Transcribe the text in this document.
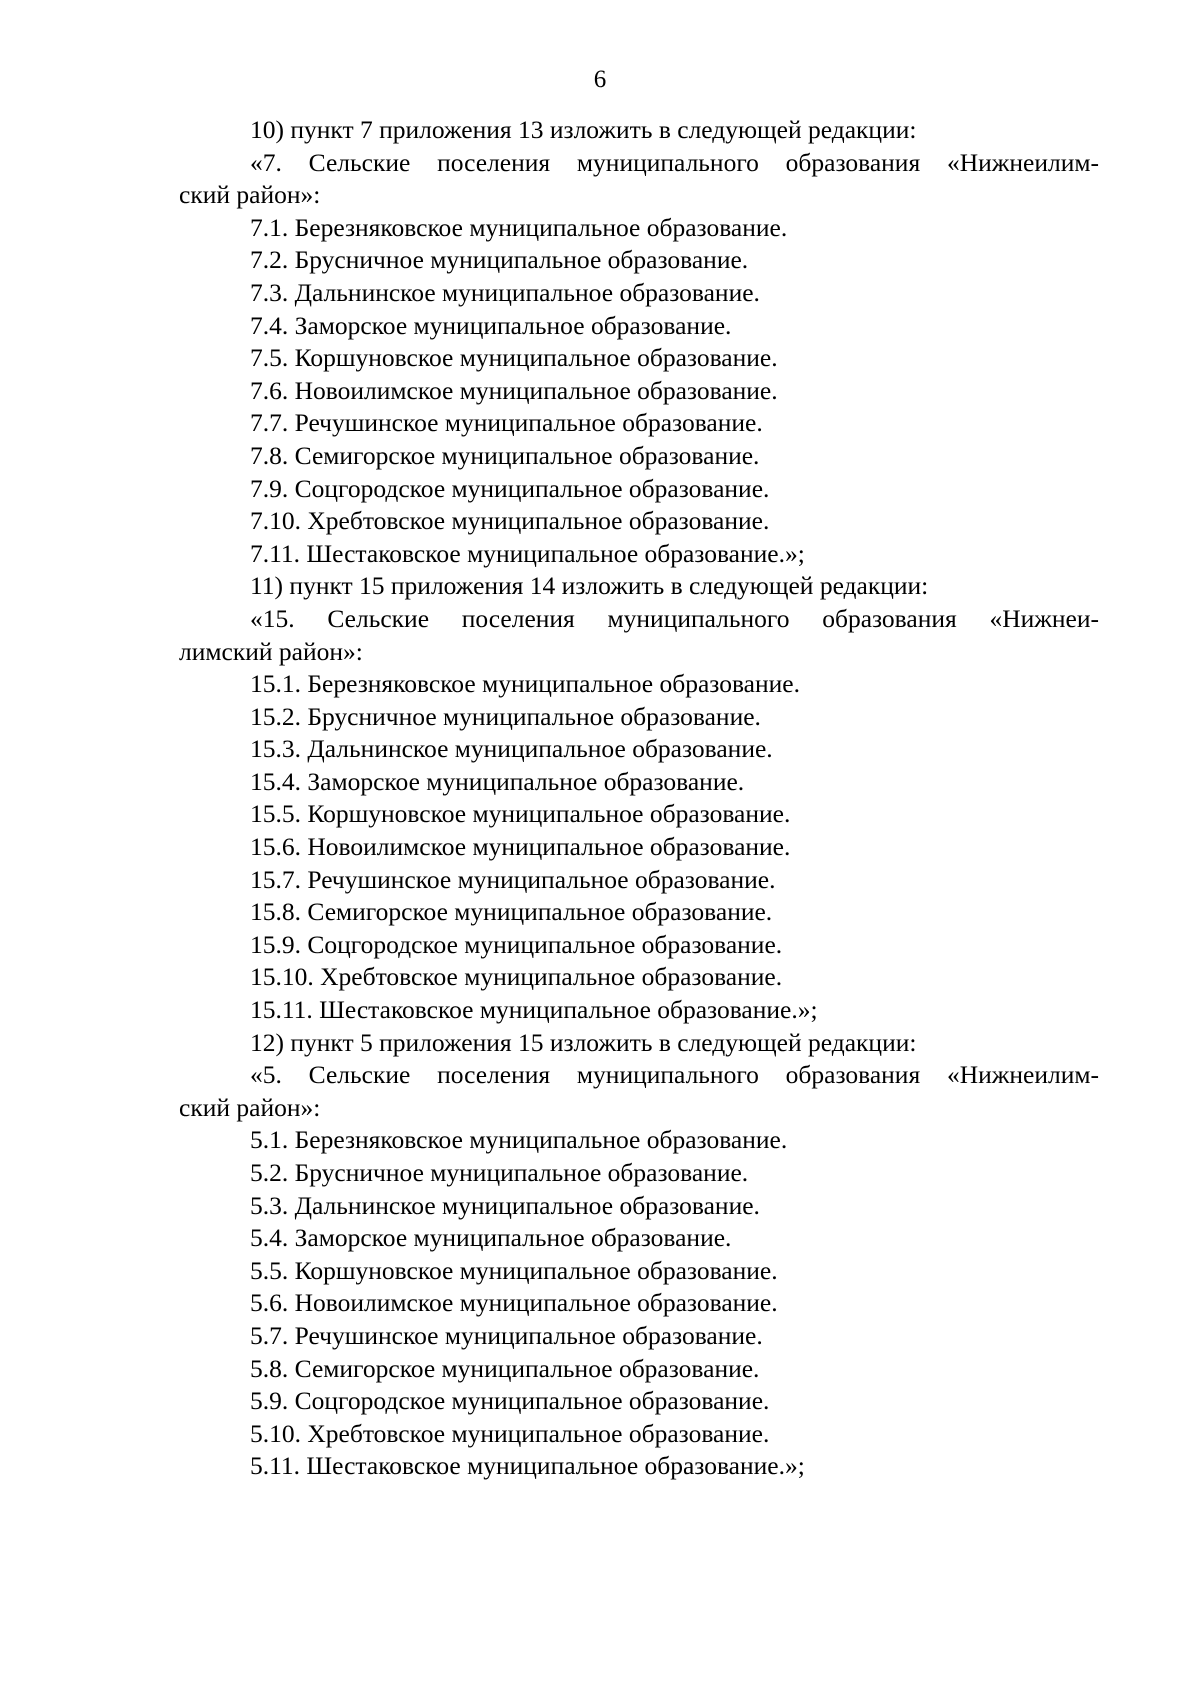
6
10) пункт 7 приложения 13 изложить в следующей редакции:
«7. Сельские поселения муниципального образования «Нижнеилим-
ский район»:
7.1. Березняковское муниципальное образование.
7.2. Брусничное муниципальное образование.
7.3. Дальнинское муниципальное образование.
7.4. Заморское муниципальное образование.
7.5. Коршуновское муниципальное образование.
7.6. Новоилимское муниципальное образование.
7.7. Речушинское муниципальное образование.
7.8. Семигорское муниципальное образование.
7.9. Соцгородское муниципальное образование.
7.10. Хребтовское муниципальное образование.
7.11. Шестаковское муниципальное образование.»;
11) пункт 15 приложения 14 изложить в следующей редакции:
«15. Сельские поселения муниципального образования «Нижнеи-
лимский район»:
15.1. Березняковское муниципальное образование.
15.2. Брусничное муниципальное образование.
15.3. Дальнинское муниципальное образование.
15.4. Заморское муниципальное образование.
15.5. Коршуновское муниципальное образование.
15.6. Новоилимское муниципальное образование.
15.7. Речушинское муниципальное образование.
15.8. Семигорское муниципальное образование.
15.9. Соцгородское муниципальное образование.
15.10. Хребтовское муниципальное образование.
15.11. Шестаковское муниципальное образование.»;
12) пункт 5 приложения 15 изложить в следующей редакции:
«5. Сельские поселения муниципального образования «Нижнеилим-
ский район»:
5.1. Березняковское муниципальное образование.
5.2. Брусничное муниципальное образование.
5.3. Дальнинское муниципальное образование.
5.4. Заморское муниципальное образование.
5.5. Коршуновское муниципальное образование.
5.6. Новоилимское муниципальное образование.
5.7. Речушинское муниципальное образование.
5.8. Семигорское муниципальное образование.
5.9. Соцгородское муниципальное образование.
5.10. Хребтовское муниципальное образование.
5.11. Шестаковское муниципальное образование.»;
